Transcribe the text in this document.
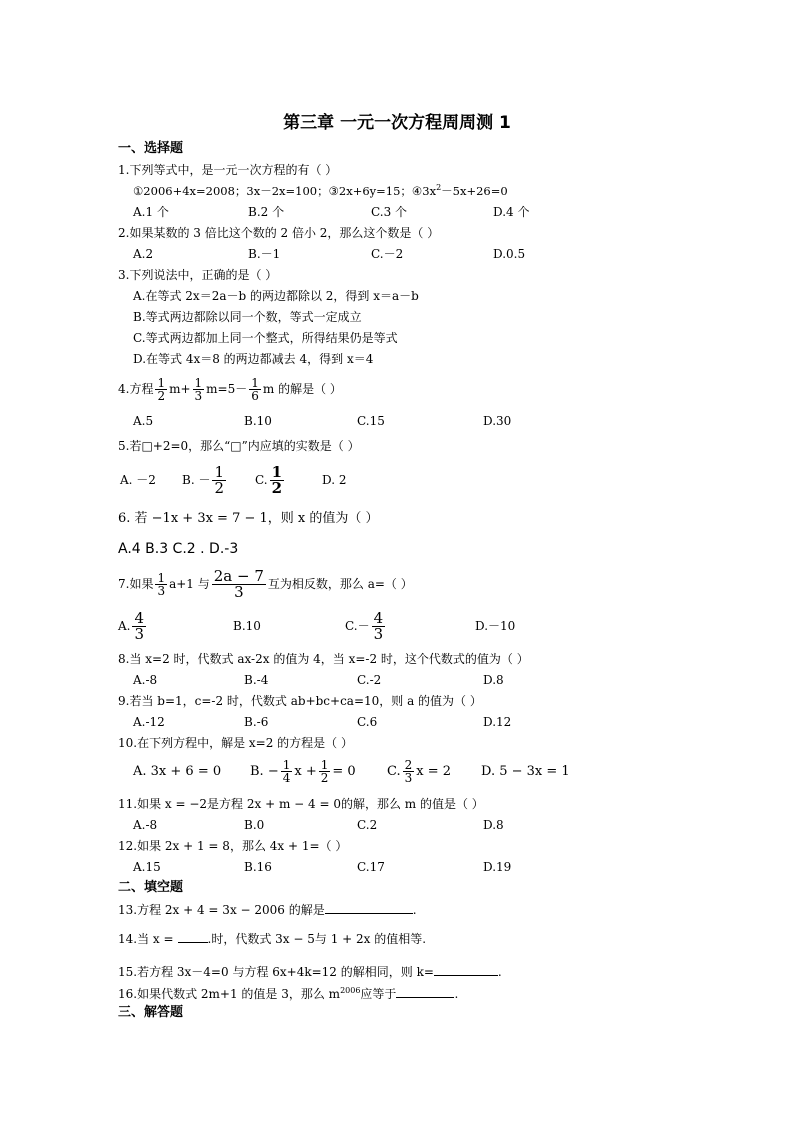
第三章 一元一次方程周周测 1
一、选择题
1.下列等式中，是一元一次方程的有（ ）
①2006+4x=2008；3x－2x=100；③2x+6y=15；$④3x^2-5x+26=0$
A.1 个	B.2 个	C.3 个	D.4 个
2.如果某数的 3 倍比这个数的 2 倍小 2，那么这个数是（ ）
A.2	B.－1	C.－2	D.0.5
3.下列说法中，正确的是（ ）
A.在等式 2x＝2a－b 的两边都除以 2，得到 x＝a－b
B.等式两边都除以同一个数，等式一定成立
C.等式两边都加上同一个整式，所得结果仍是等式
D.在等式 4x＝8 的两边都减去 4，得到 x＝4
4.方程 $\frac{1}{2} m+ \frac{1}{3} m=5- \frac{1}{6}$ m 的解是（ ）
A.5	B.10	C.15	D.30
5.若□+2=0，那么“□”内应填的实数是（ ）
A. －2 B. － $\frac{1}{2} C$. $\frac{1}{2}$	D. 2
6. 若 −1x + 3x = 7 − 1，则 x 的值为（ ）
A.4 B.3 C.2 . D.-3
7.如果 $\frac{1}{3} a+1$ 与 $\frac{2a - 7}{3}$ 互为相反数，那么 a=（ ）
A. $\frac{4}{3}$	B.10	$C.- \frac{4}{3}$	D.－10
8.当 x=2 时，代数式 ax-2x 的值为 4，当 x=-2 时，这个代数式的值为（ ）
A.-8	B.-4	C.-2	D.8
9.若当 b=1，c=-2 时，代数式 ab+bc+ca=10，则 a 的值为（ ）
A.-12	B.-6	C.6	D.12
10.在下列方程中，解是 x=2 的方程是（ ）
A. 3x + 6 = 0 B. − $\frac{1}{4}$ $x + \frac{1}{2} = 0$ C. $\frac{2}{3}$ x = 2 D. 5 − 3x = 1
11.如果 x = −2是方程 2x + m − 4 = 0的解，那么 m 的值是（ ）
A.-8	B.0	C.2	D.8
12.如果 2x + 1 = 8，那么 4x + 1=（ ）
A.15	B.16	C.17	D.19
二、填空题
13.方程 2x + 4 = 3x − 2006 的解是	.
14.当 x =	.时，代数式 3x − 5与 1 + 2x 的值相等.
15.若方程 3x－4=0 与方程 6x+4k=12 的解相同，则 k=	.
16.如果代数式 2m+1 的值是 3，那么 $m^{2006}$应等于	.
三、解答题
